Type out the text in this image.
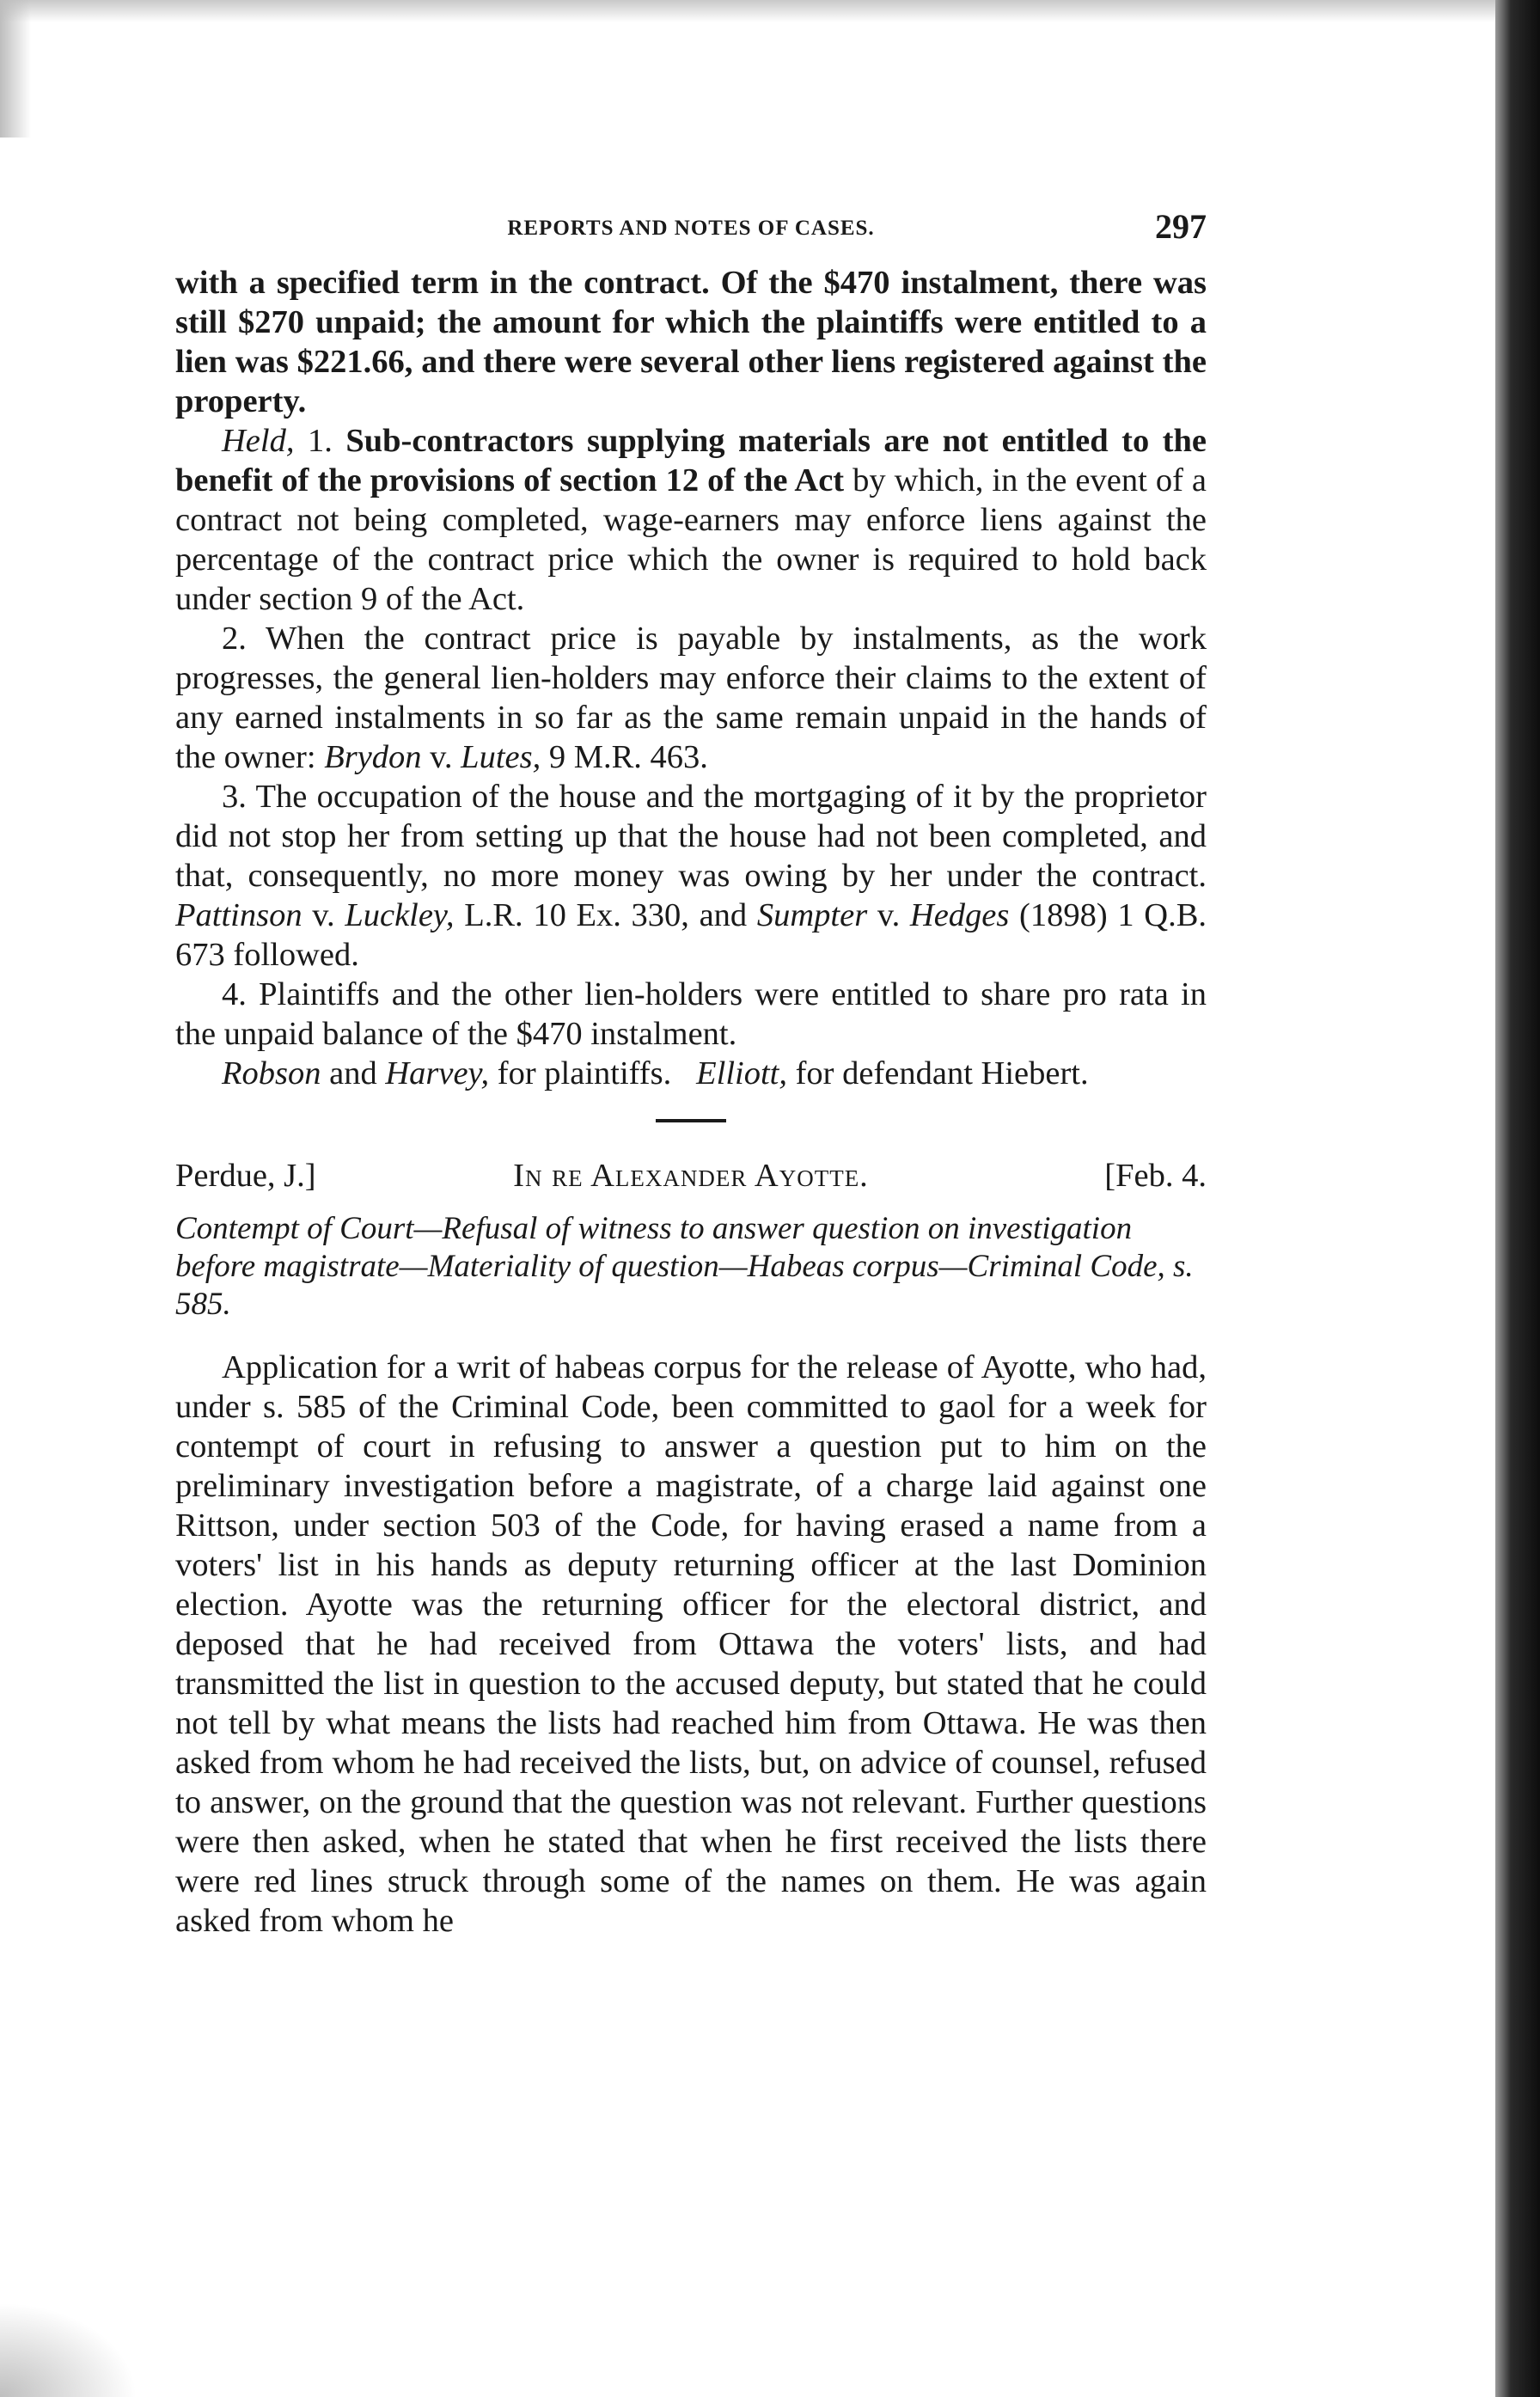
REPORTS AND NOTES OF CASES.	297

with a specified term in the contract. Of the $470 instalment, there was still $270 unpaid; the amount for which the plaintiffs were entitled to a lien was $221.66, and there were several other liens registered against the property.

Held, 1. Sub-contractors supplying materials are not entitled to the benefit of the provisions of section 12 of the Act by which, in the event of a contract not being completed, wage-earners may enforce liens against the percentage of the contract price which the owner is required to hold back under section 9 of the Act.

2. When the contract price is payable by instalments, as the work progresses, the general lien-holders may enforce their claims to the extent of any earned instalments in so far as the same remain unpaid in the hands of the owner: Brydon v. Lutes, 9 M.R. 463.

3. The occupation of the house and the mortgaging of it by the proprietor did not stop her from setting up that the house had not been completed, and that, consequently, no more money was owing by her under the contract. Pattinson v. Luckley, L.R. 10 Ex. 330, and Sumpter v. Hedges (1898) 1 Q.B. 673 followed.

4. Plaintiffs and the other lien-holders were entitled to share pro rata in the unpaid balance of the $470 instalment.

Robson and Harvey, for plaintiffs. Elliott, for defendant Hiebert.

Perdue, J.]	In re Alexander Ayotte.	[Feb. 4.
Contempt of Court—Refusal of witness to answer question on investigation before magistrate—Materiality of question—Habeas corpus—Criminal Code, s. 585.

Application for a writ of habeas corpus for the release of Ayotte, who had, under s. 585 of the Criminal Code, been committed to gaol for a week for contempt of court in refusing to answer a question put to him on the preliminary investigation before a magistrate, of a charge laid against one Rittson, under section 503 of the Code, for having erased a name from a voters' list in his hands as deputy returning officer at the last Dominion election. Ayotte was the returning officer for the electoral district, and deposed that he had received from Ottawa the voters' lists, and had transmitted the list in question to the accused deputy, but stated that he could not tell by what means the lists had reached him from Ottawa. He was then asked from whom he had received the lists, but, on advice of counsel, refused to answer, on the ground that the question was not relevant. Further questions were then asked, when he stated that when he first received the lists there were red lines struck through some of the names on them. He was again asked from whom he
